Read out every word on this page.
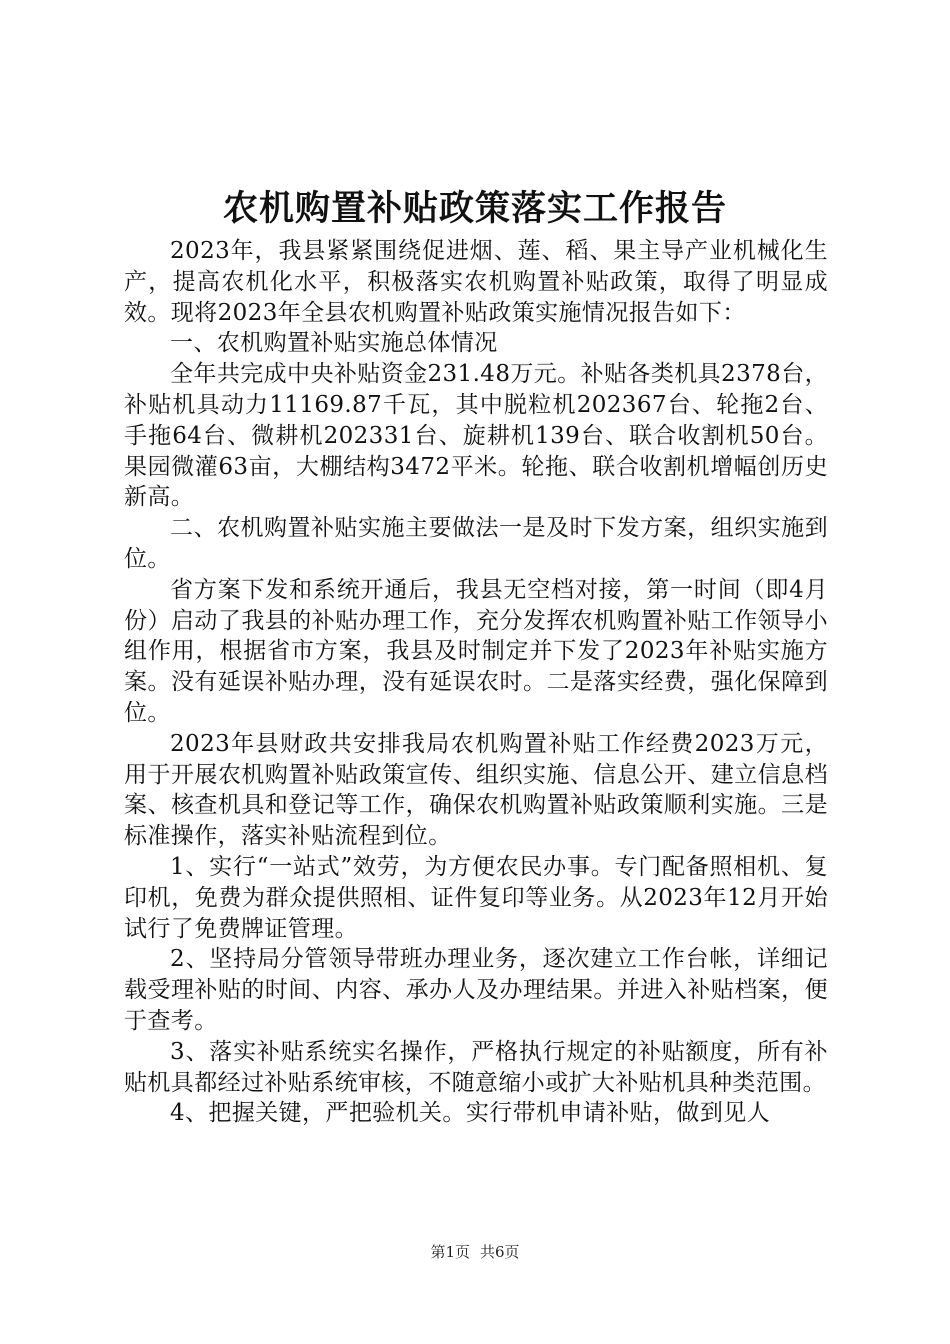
农机购置补贴政策落实工作报告

2023年，我县紧紧围绕促进烟、莲、稻、果主导产业机械化生产，提高农机化水平，积极落实农机购置补贴政策，取得了明显成效。现将2023年全县农机购置补贴政策实施情况报告如下：

一、农机购置补贴实施总体情况

全年共完成中央补贴资金231.48万元。补贴各类机具2378台，补贴机具动力11169.87千瓦，其中脱粒机202367台、轮拖2台、手拖64台、微耕机202331台、旋耕机139台、联合收割机50台。果园微灌63亩，大棚结构3472平米。轮拖、联合收割机增幅创历史新高。

二、农机购置补贴实施主要做法一是及时下发方案，组织实施到位。

省方案下发和系统开通后，我县无空档对接，第一时间（即4月份）启动了我县的补贴办理工作，充分发挥农机购置补贴工作领导小组作用，根据省市方案，我县及时制定并下发了2023年补贴实施方案。没有延误补贴办理，没有延误农时。二是落实经费，强化保障到位。

2023年县财政共安排我局农机购置补贴工作经费2023万元，用于开展农机购置补贴政策宣传、组织实施、信息公开、建立信息档案、核查机具和登记等工作，确保农机购置补贴政策顺利实施。三是标准操作，落实补贴流程到位。

1、实行“一站式”效劳，为方便农民办事。专门配备照相机、复印机，免费为群众提供照相、证件复印等业务。从2023年12月开始试行了免费牌证管理。

2、坚持局分管领导带班办理业务，逐次建立工作台帐，详细记载受理补贴的时间、内容、承办人及办理结果。并进入补贴档案，便于查考。

3、落实补贴系统实名操作，严格执行规定的补贴额度，所有补贴机具都经过补贴系统审核，不随意缩小或扩大补贴机具种类范围。

4、把握关键，严把验机关。实行带机申请补贴，做到见人

第1页 共6页
